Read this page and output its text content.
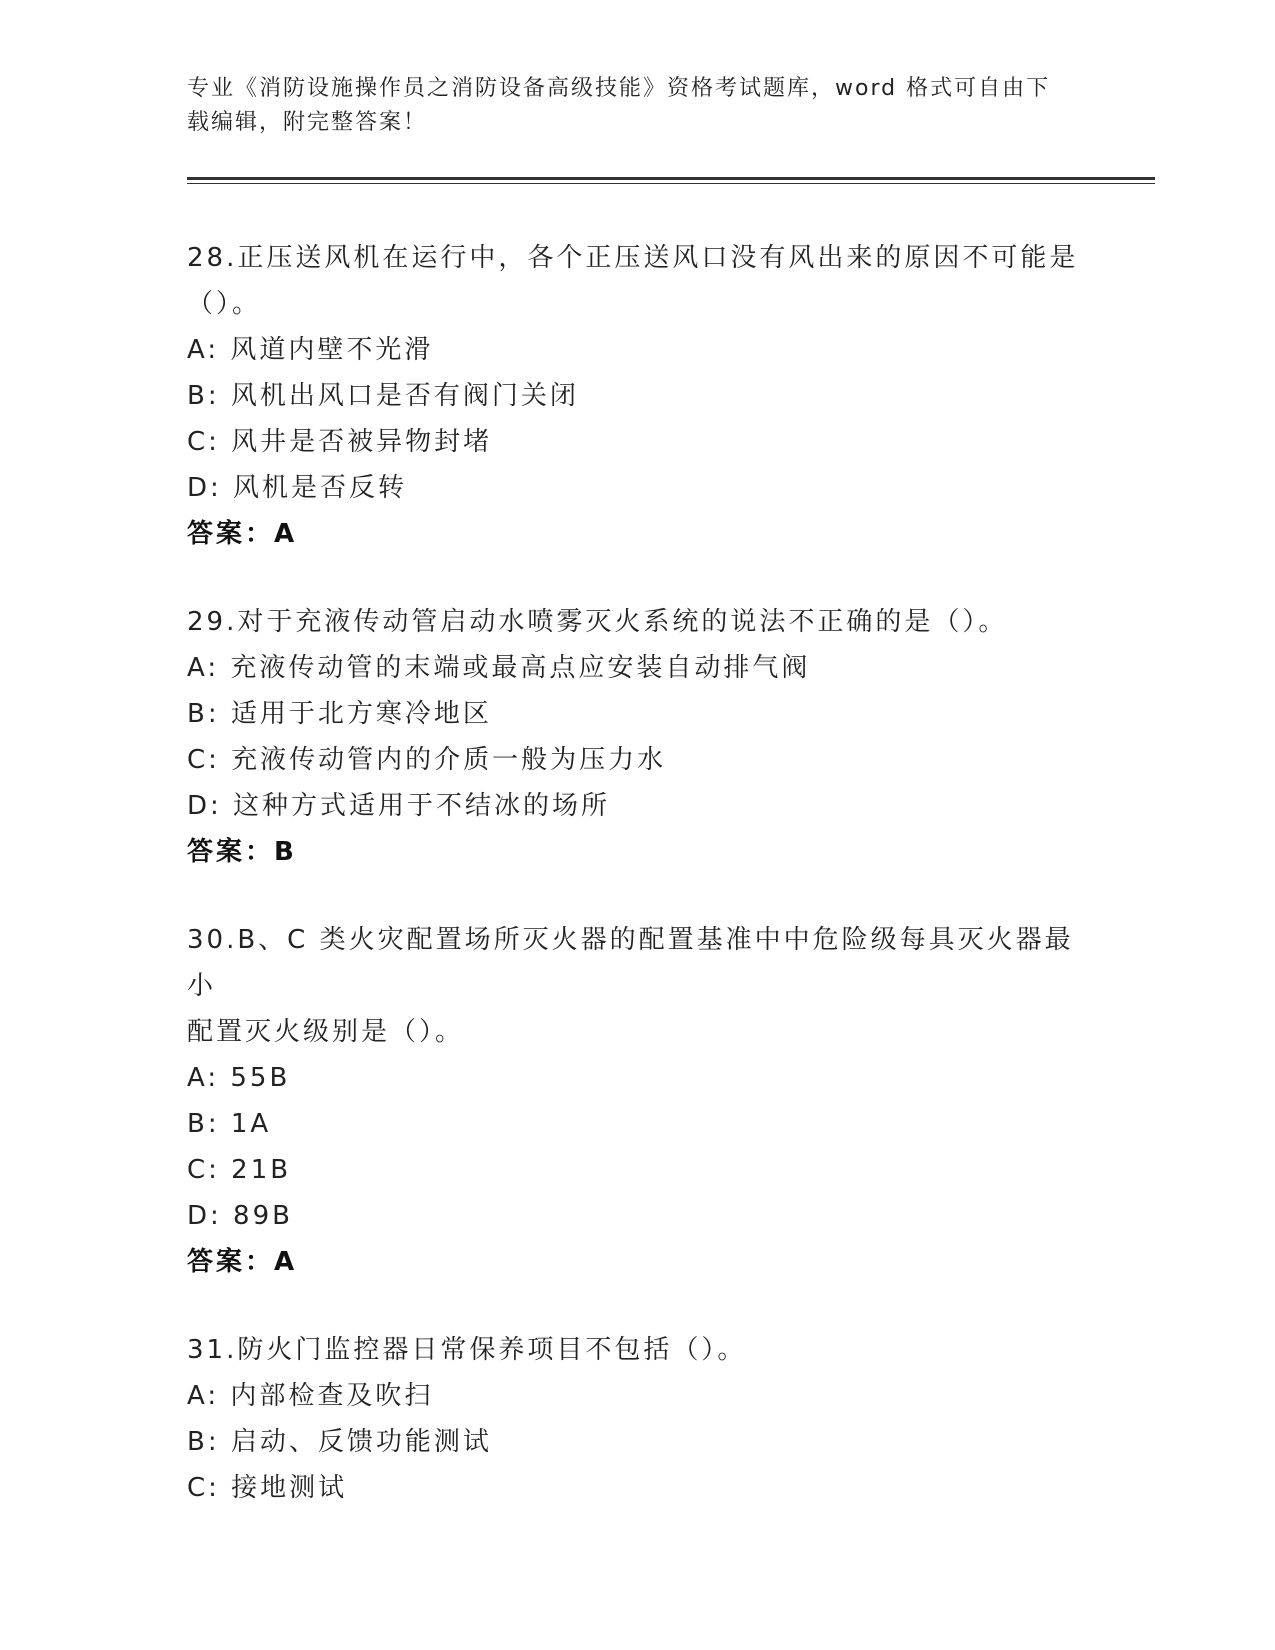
专业《消防设施操作员之消防设备高级技能》资格考试题库，word 格式可自由下
载编辑，附完整答案！

28.正压送风机在运行中，各个正压送风口没有风出来的原因不可能是
（）。

A: 风道内壁不光滑

B: 风机出风口是否有阀门关闭

C: 风井是否被异物封堵

D: 风机是否反转

答案：A

29.对于充液传动管启动水喷雾灭火系统的说法不正确的是（）。

A: 充液传动管的末端或最高点应安装自动排气阀

B: 适用于北方寒冷地区

C: 充液传动管内的介质一般为压力水

D: 这种方式适用于不结冰的场所

答案：B

30.B、C 类火灾配置场所灭火器的配置基准中中危险级每具灭火器最小
配置灭火级别是（）。

A: 55B

B: 1A

C: 21B

D: 89B

答案：A

31.防火门监控器日常保养项目不包括（）。

A: 内部检查及吹扫

B: 启动、反馈功能测试

C: 接地测试
